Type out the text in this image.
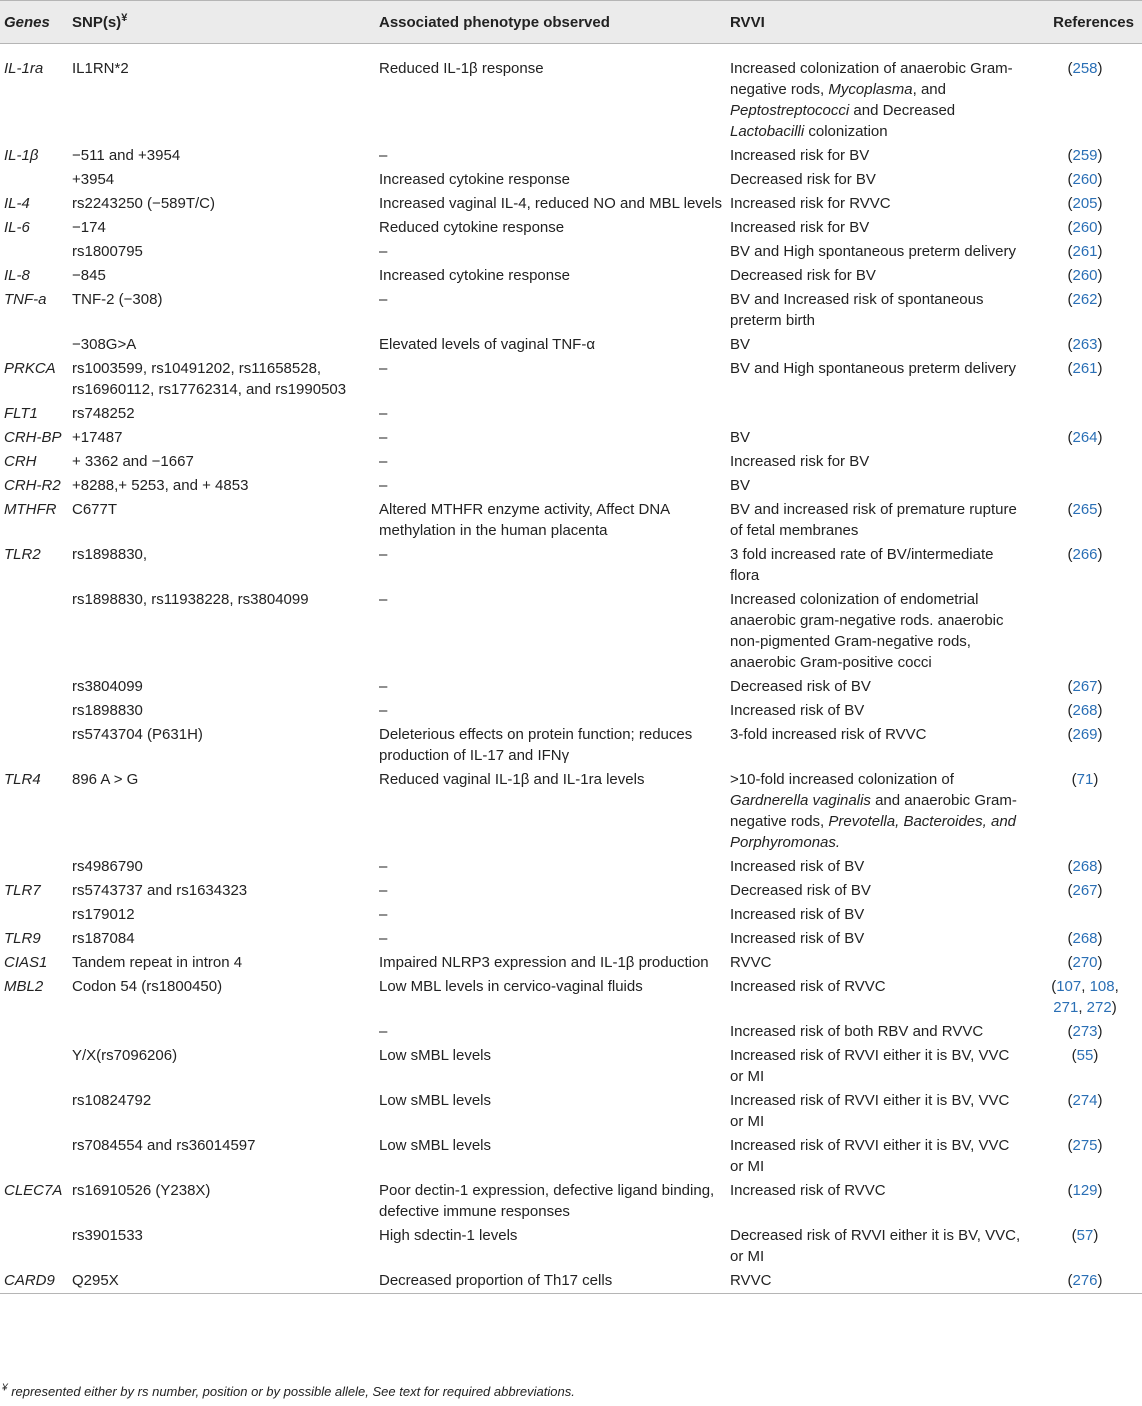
Genes	SNP(s)¥	Associated phenotype observed	RVVI	References
IL-1ra	IL1RN*2	Reduced IL-1β response	Increased colonization of anaerobic Gram-negative rods, Mycoplasma, and Peptostreptococci and Decreased Lactobacilli colonization	(258)
IL-1β	−511 and +3954	–	Increased risk for BV	(259)
	+3954	Increased cytokine response	Decreased risk for BV	(260)
IL-4	rs2243250 (−589T/C)	Increased vaginal IL-4, reduced NO and MBL levels	Increased risk for RVVC	(205)
IL-6	−174	Reduced cytokine response	Increased risk for BV	(260)
	rs1800795	–	BV and High spontaneous preterm delivery	(261)
IL-8	−845	Increased cytokine response	Decreased risk for BV	(260)
TNF-a	TNF-2 (−308)	–	BV and Increased risk of spontaneous preterm birth	(262)
	−308G>A	Elevated levels of vaginal TNF-α	BV	(263)
PRKCA	rs1003599, rs10491202, rs11658528, rs16960112, rs17762314, and rs1990503	–	BV and High spontaneous preterm delivery	(261)
FLT1	rs748252	–		
CRH-BP	+17487	–	BV	(264)
CRH	+ 3362 and −1667	–	Increased risk for BV	
CRH-R2	+8288,+ 5253, and + 4853	–	BV	
MTHFR	C677T	Altered MTHFR enzyme activity, Affect DNA methylation in the human placenta	BV and increased risk of premature rupture of fetal membranes	(265)
TLR2	rs1898830,	–	3 fold increased rate of BV/intermediate flora	(266)
	rs1898830, rs11938228, rs3804099	–	Increased colonization of endometrial anaerobic gram-negative rods. anaerobic non-pigmented Gram-negative rods, anaerobic Gram-positive cocci	
	rs3804099	–	Decreased risk of BV	(267)
	rs1898830	–	Increased risk of BV	(268)
	rs5743704 (P631H)	Deleterious effects on protein function; reduces production of IL-17 and IFNγ	3-fold increased risk of RVVC	(269)
TLR4	896 A > G	Reduced vaginal IL-1β and IL-1ra levels	>10-fold increased colonization of Gardnerella vaginalis and anaerobic Gram-negative rods, Prevotella, Bacteroides, and Porphyromonas.	(71)
	rs4986790	–	Increased risk of BV	(268)
TLR7	rs5743737 and rs1634323	–	Decreased risk of BV	(267)
	rs179012	–	Increased risk of BV	
TLR9	rs187084	–	Increased risk of BV	(268)
CIAS1	Tandem repeat in intron 4	Impaired NLRP3 expression and IL-1β production	RVVC	(270)
MBL2	Codon 54 (rs1800450)	Low MBL levels in cervico-vaginal fluids	Increased risk of RVVC	(107, 108,
271, 272)
		–	Increased risk of both RBV and RVVC	(273)
	Y/X(rs7096206)	Low sMBL levels	Increased risk of RVVI either it is BV, VVC or MI	(55)
	rs10824792	Low sMBL levels	Increased risk of RVVI either it is BV, VVC or MI	(274)
	rs7084554 and rs36014597	Low sMBL levels	Increased risk of RVVI either it is BV, VVC or MI	(275)
CLEC7A	rs16910526 (Y238X)	Poor dectin-1 expression, defective ligand binding, defective immune responses	Increased risk of RVVC	(129)
	rs3901533	High sdectin-1 levels	Decreased risk of RVVI either it is BV, VVC, or MI	(57)
CARD9	Q295X	Decreased proportion of Th17 cells	RVVC	(276)
¥ represented either by rs number, position or by possible allele, See text for required abbreviations.
